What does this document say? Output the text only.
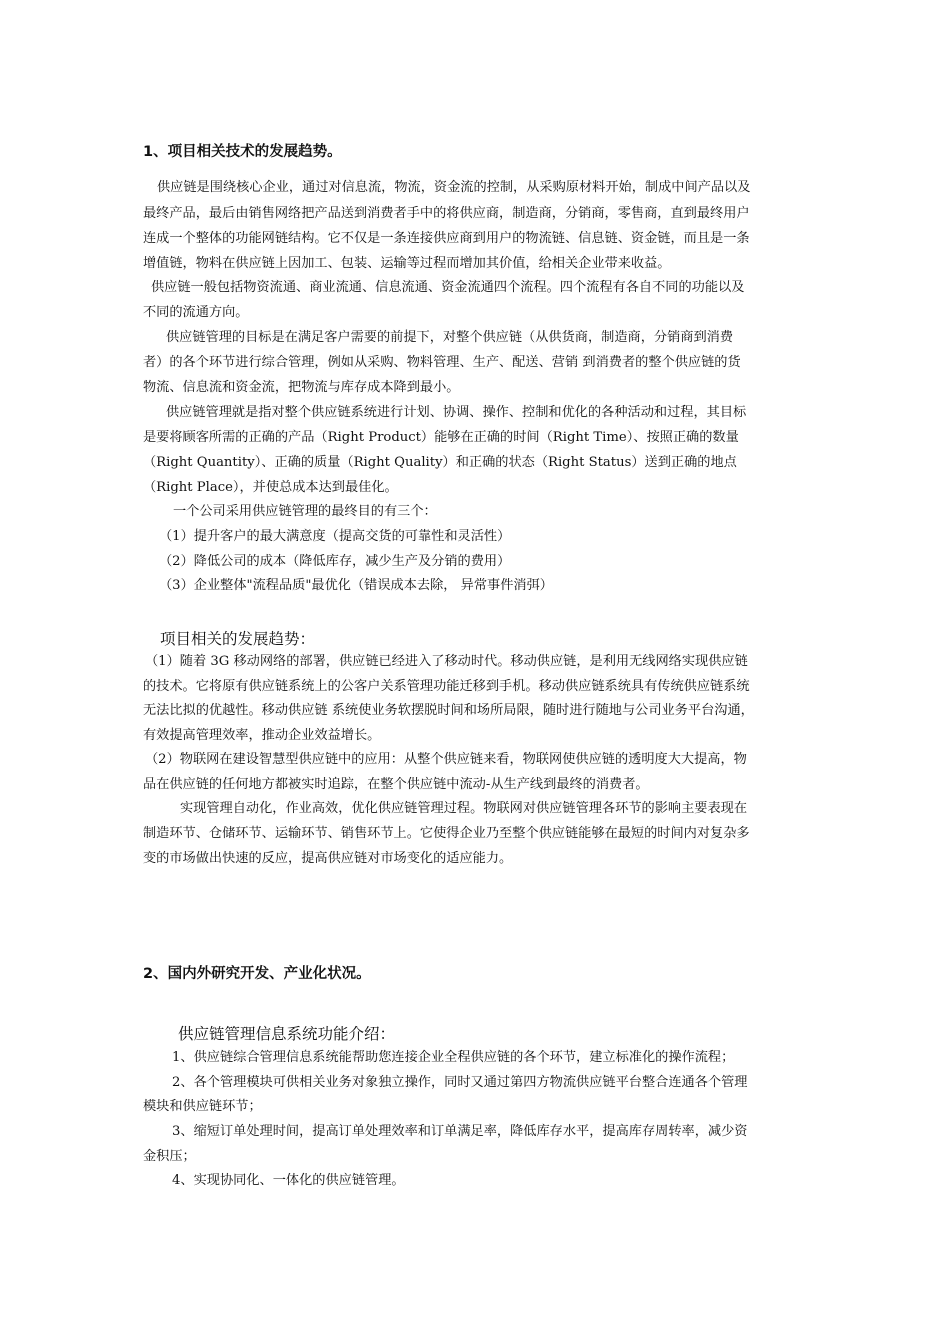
1、项目相关技术的发展趋势。
供应链是围绕核心企业，通过对信息流，物流，资金流的控制，从采购原材料开始，制成中间产品以及
最终产品，最后由销售网络把产品送到消费者手中的将供应商，制造商，分销商，零售商，直到最终用户
连成一个整体的功能网链结构。它不仅是一条连接供应商到用户的物流链、信息链、资金链，而且是一条
增值链，物料在供应链上因加工、包装、运输等过程而增加其价值，给相关企业带来收益。
供应链一般包括物资流通、商业流通、信息流通、资金流通四个流程。四个流程有各自不同的功能以及
不同的流通方向。
供应链管理的目标是在满足客户需要的前提下，对整个供应链（从供货商，制造商，分销商到消费
者）的各个环节进行综合管理，例如从采购、物料管理、生产、配送、营销 到消费者的整个供应链的货
物流、信息流和资金流，把物流与库存成本降到最小。
供应链管理就是指对整个供应链系统进行计划、协调、操作、控制和优化的各种活动和过程，其目标
是要将顾客所需的正确的产品（Right Product）能够在正确的时间（Right Time）、按照正确的数量
（Right Quantity）、正确的质量（Right Quality）和正确的状态（Right Status）送到正确的地点
（Right Place），并使总成本达到最佳化。
一个公司采用供应链管理的最终目的有三个：
（1）提升客户的最大满意度（提高交货的可靠性和灵活性）
（2）降低公司的成本（降低库存，减少生产及分销的费用）
（3）企业整体"流程品质"最优化（错误成本去除， 异常事件消弭）
项目相关的发展趋势：
（1）随着 3G 移动网络的部署，供应链已经进入了移动时代。移动供应链，是利用无线网络实现供应链
的技术。它将原有供应链系统上的公客户关系管理功能迁移到手机。移动供应链系统具有传统供应链系统
无法比拟的优越性。移动供应链 系统使业务软摆脱时间和场所局限，随时进行随地与公司业务平台沟通，
有效提高管理效率，推动企业效益增长。
（2）物联网在建设智慧型供应链中的应用：从整个供应链来看，物联网使供应链的透明度大大提高，物
品在供应链的任何地方都被实时追踪，在整个供应链中流动-从生产线到最终的消费者。
实现管理自动化，作业高效，优化供应链管理过程。物联网对供应链管理各环节的影响主要表现在
制造环节、仓储环节、运输环节、销售环节上。它使得企业乃至整个供应链能够在最短的时间内对复杂多
变的市场做出快速的反应，提高供应链对市场变化的适应能力。
2、国内外研究开发、产业化状况。
供应链管理信息系统功能介绍：
1、供应链综合管理信息系统能帮助您连接企业全程供应链的各个环节，建立标准化的操作流程；
2、各个管理模块可供相关业务对象独立操作，同时又通过第四方物流供应链平台整合连通各个管理
模块和供应链环节；
3、缩短订单处理时间，提高订单处理效率和订单满足率，降低库存水平，提高库存周转率，减少资
金积压；
4、实现协同化、一体化的供应链管理。
